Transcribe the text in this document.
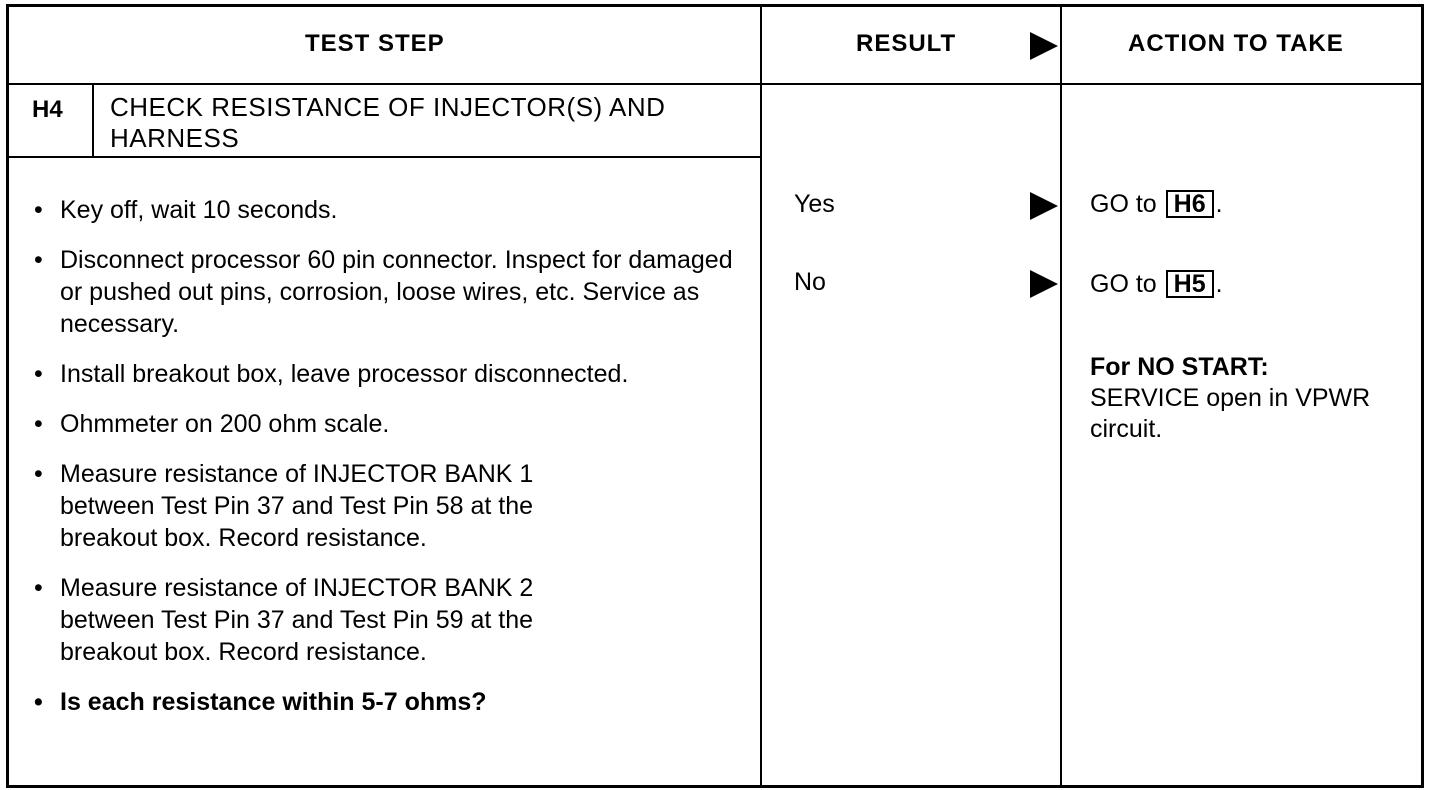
TEST STEP	RESULT	ACTION TO TAKE
H4 CHECK RESISTANCE OF INJECTOR(S) AND HARNESS
• Key off, wait 10 seconds.
• Disconnect processor 60 pin connector. Inspect for damaged or pushed out pins, corrosion, loose wires, etc. Service as necessary.
• Install breakout box, leave processor disconnected.
• Ohmmeter on 200 ohm scale.
• Measure resistance of INJECTOR BANK 1 between Test Pin 37 and Test Pin 58 at the breakout box. Record resistance.
• Measure resistance of INJECTOR BANK 2 between Test Pin 37 and Test Pin 59 at the breakout box. Record resistance.
• Is each resistance within 5-7 ohms?
Yes	GO to H6 .
No	GO to H5 .
For NO START:
SERVICE open in VPWR circuit.
